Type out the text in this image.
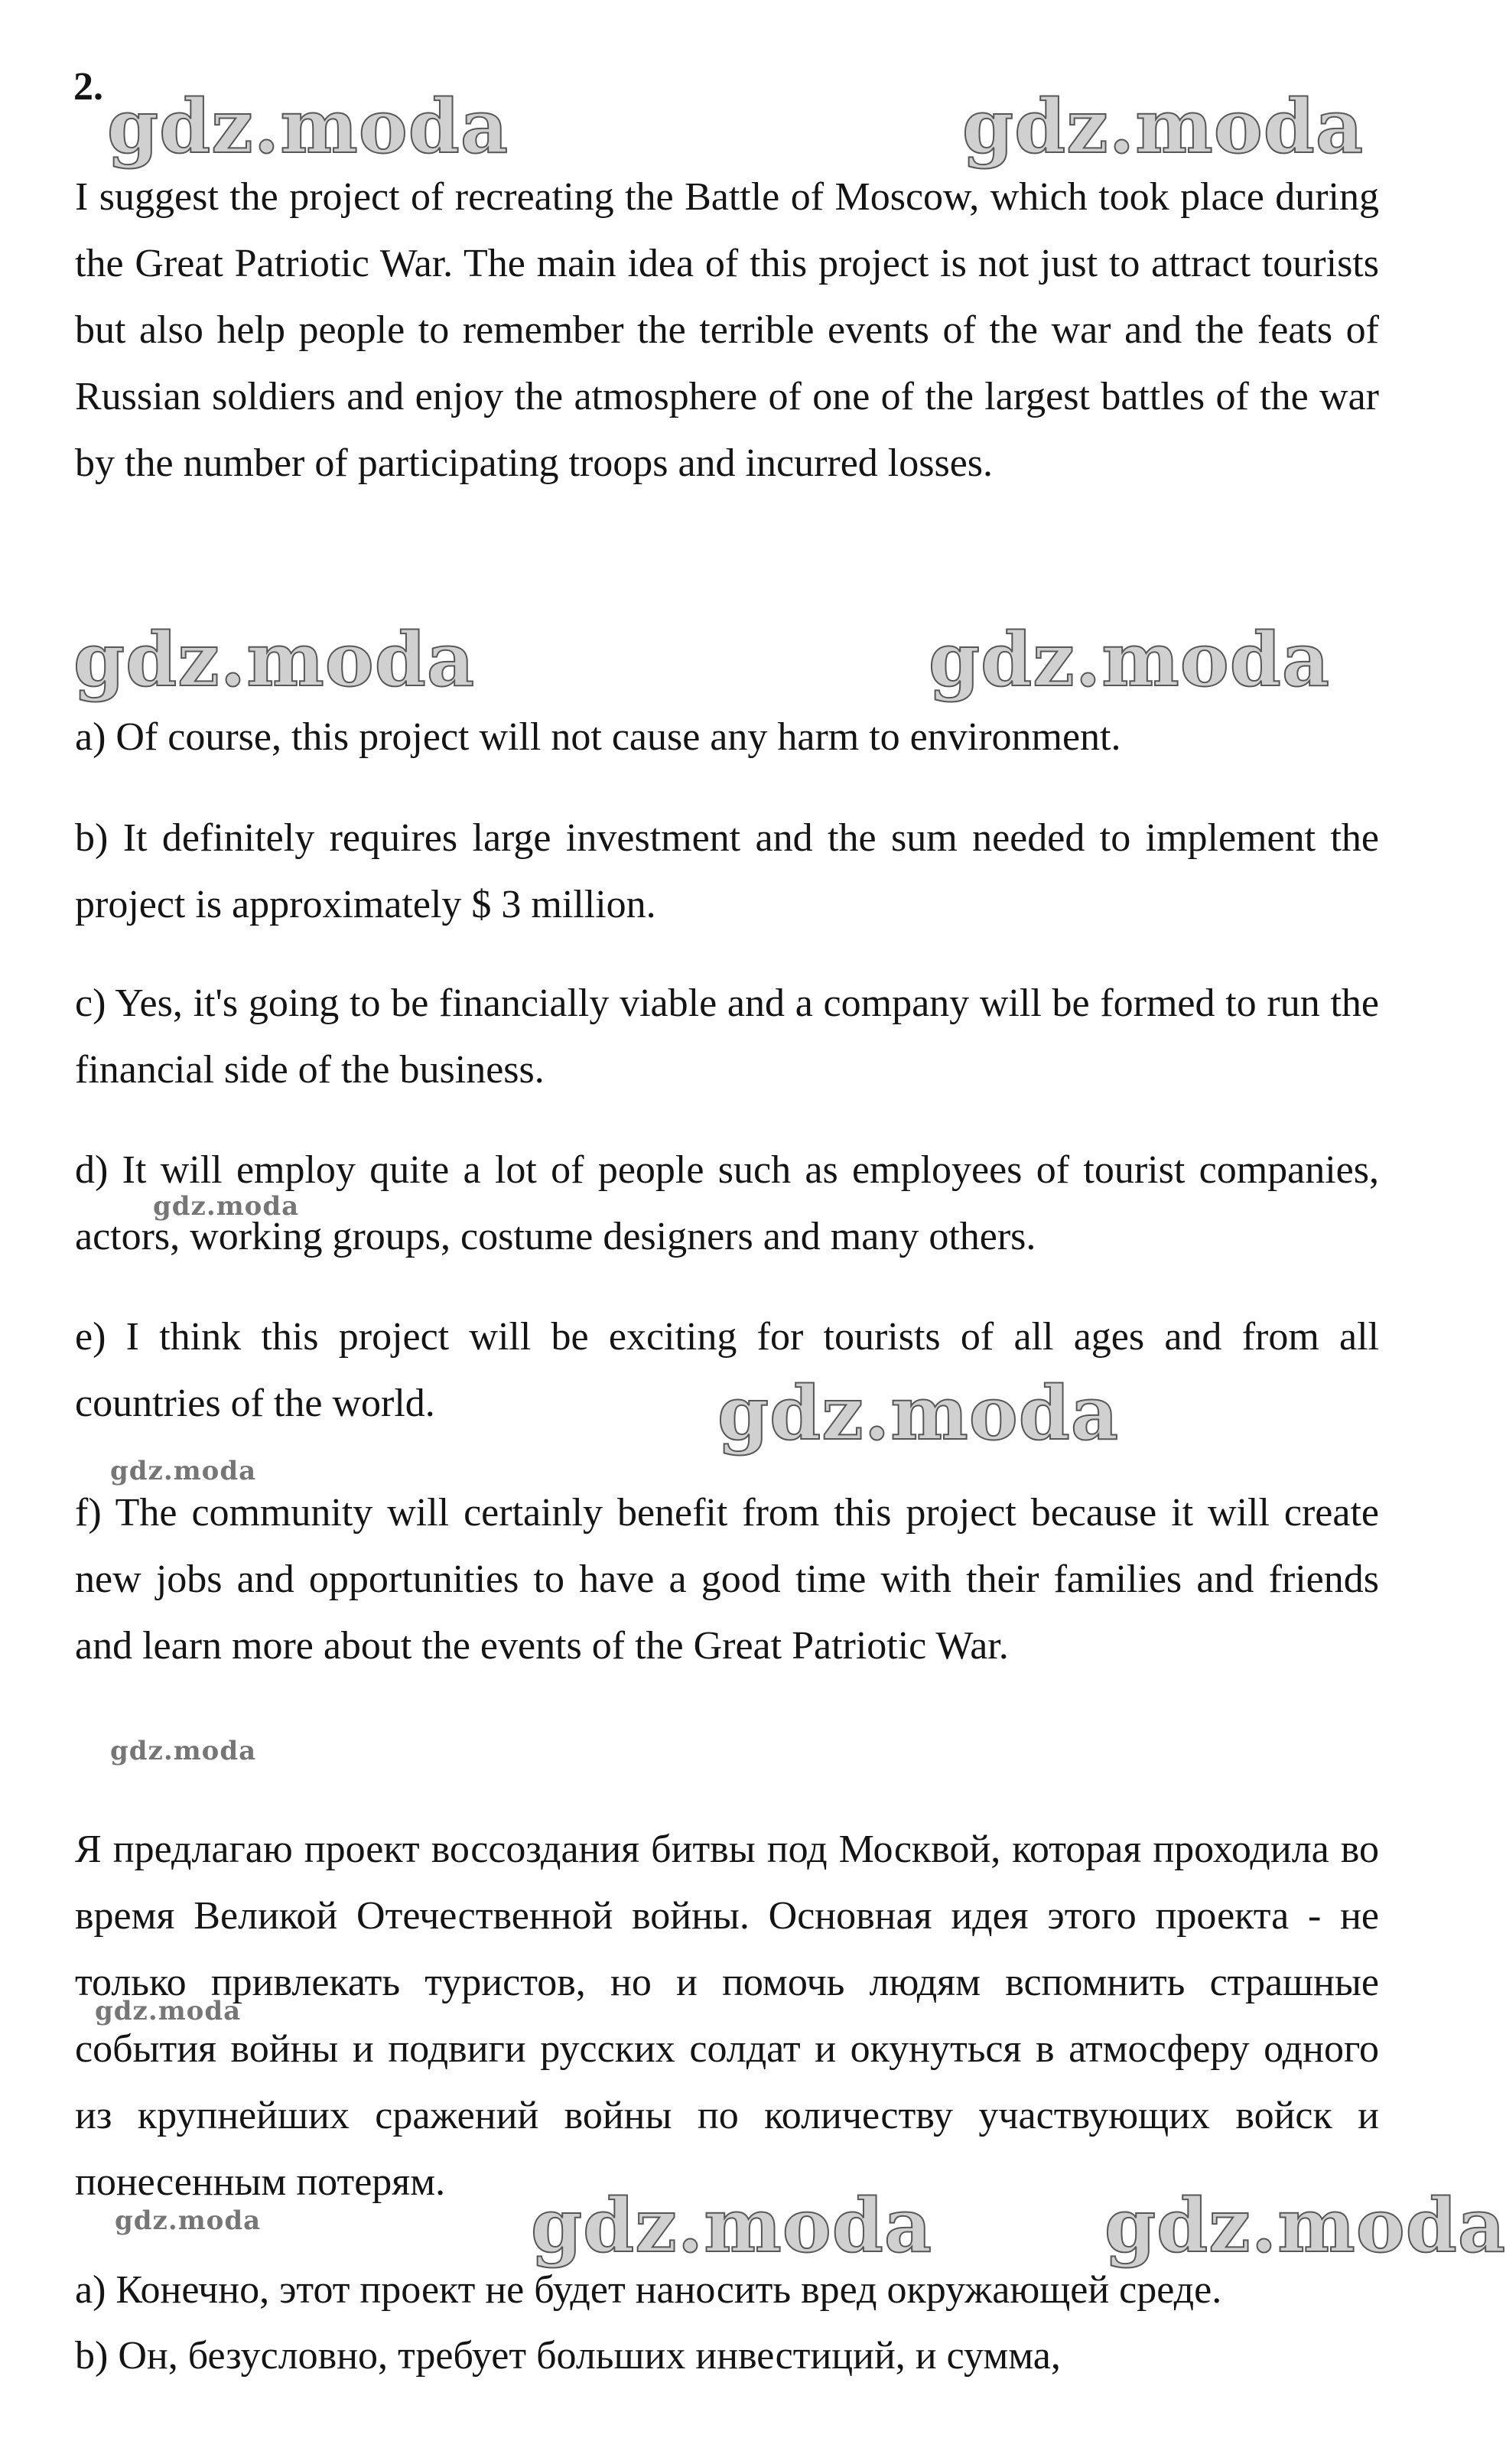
2. gdz.moda	gdz.moda
gdz.moda	gdz.moda
gdz.moda
gdz.moda
gdz.moda
gdz.moda
gdz.moda
gdz.moda	gdz.moda gdz.moda

I suggest the project of recreating the Battle of Moscow, which took place during the Great Patriotic War. The main idea of this project is not just to attract tourists but also help people to remember the terrible events of the war and the feats of Russian soldiers and enjoy the atmosphere of one of the largest battles of the war by the number of participating troops and incurred losses.

a) Of course, this project will not cause any harm to environment.

b) It definitely requires large investment and the sum needed to implement the project is approximately $ 3 million.

c) Yes, it's going to be financially viable and a company will be formed to run the financial side of the business.

d) It will employ quite a lot of people such as employees of tourist companies, actors, working groups, costume designers and many others.

e) I think this project will be exciting for tourists of all ages and from all countries of the world.

f) The community will certainly benefit from this project because it will create new jobs and opportunities to have a good time with their families and friends and learn more about the events of the Great Patriotic War.

Я предлагаю проект воссоздания битвы под Москвой, которая проходила во время Великой Отечественной войны. Основная идея этого проекта - не только привлекать туристов, но и помочь людям вспомнить страшные события войны и подвиги русских солдат и окунуться в атмосферу одного из крупнейших сражений войны по количеству участвующих войск и понесенным потерям.

a) Конечно, этот проект не будет наносить вред окружающей среде.

b) Он, безусловно, требует больших инвестиций, и сумма,
